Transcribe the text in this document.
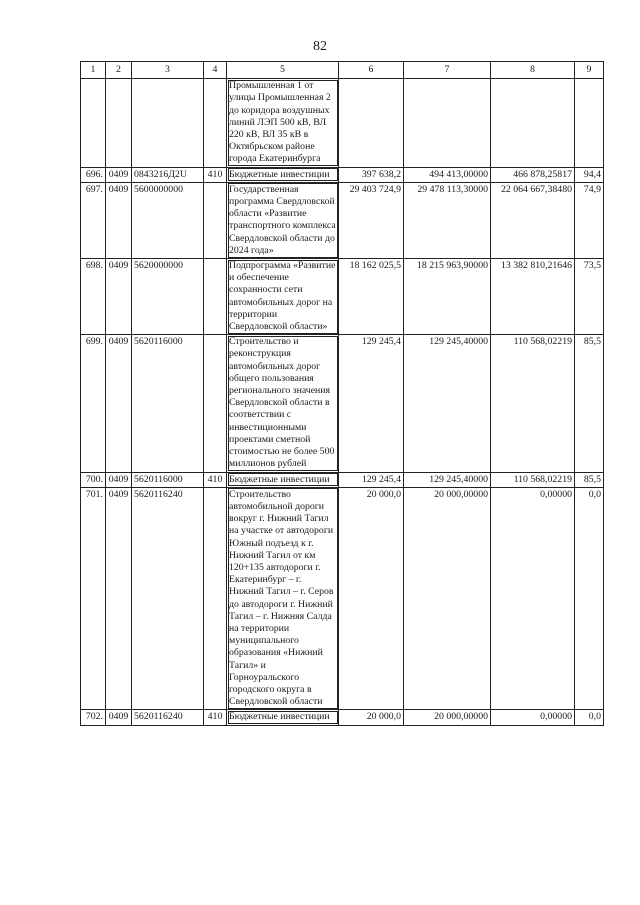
82
1	2	3	4	5	6	7	8	9
				Промышленная 1 от улицы Промышленная 2 до коридора воздушных линий ЛЭП 500 кВ, ВЛ 220 кВ, ВЛ 35 кВ в Октябрьском районе города Екатеринбурга				
696.	0409	0843216Д2U	410	Бюджетные инвестиции	397 638,2	494 413,00000	466 878,25817	94,4
697.	0409	5600000000		Государственная программа Свердловской области «Развитие транспортного комплекса Свердловской области до 2024 года»	29 403 724,9	29 478 113,30000	22 064 667,38480	74,9
698.	0409	5620000000		Подпрограмма «Развитие и обеспечение сохранности сети автомобильных дорог на территории Свердловской области»	18 162 025,5	18 215 963,90000	13 382 810,21646	73,5
699.	0409	5620116000		Строительство и реконструкция автомобильных дорог общего пользования регионального значения Свердловской области в соответствии с инвестиционными проектами сметной стоимостью не более 500 миллионов рублей	129 245,4	129 245,40000	110 568,02219	85,5
700.	0409	5620116000	410	Бюджетные инвестиции	129 245,4	129 245,40000	110 568,02219	85,5
701.	0409	5620116240		Строительство автомобильной дороги вокруг г. Нижний Тагил на участке от автодороги Южный подъезд к г. Нижний Тагил от км 120+135 автодороги г. Екатеринбург – г. Нижний Тагил – г. Серов до автодороги г. Нижний Тагил – г. Нижняя Салда на территории муниципального образования «Нижний Тагил» и Горноуральского городского округа в Свердловской области	20 000,0	20 000,00000	0,00000	0,0
702.	0409	5620116240	410	Бюджетные инвестиции	20 000,0	20 000,00000	0,00000	0,0
